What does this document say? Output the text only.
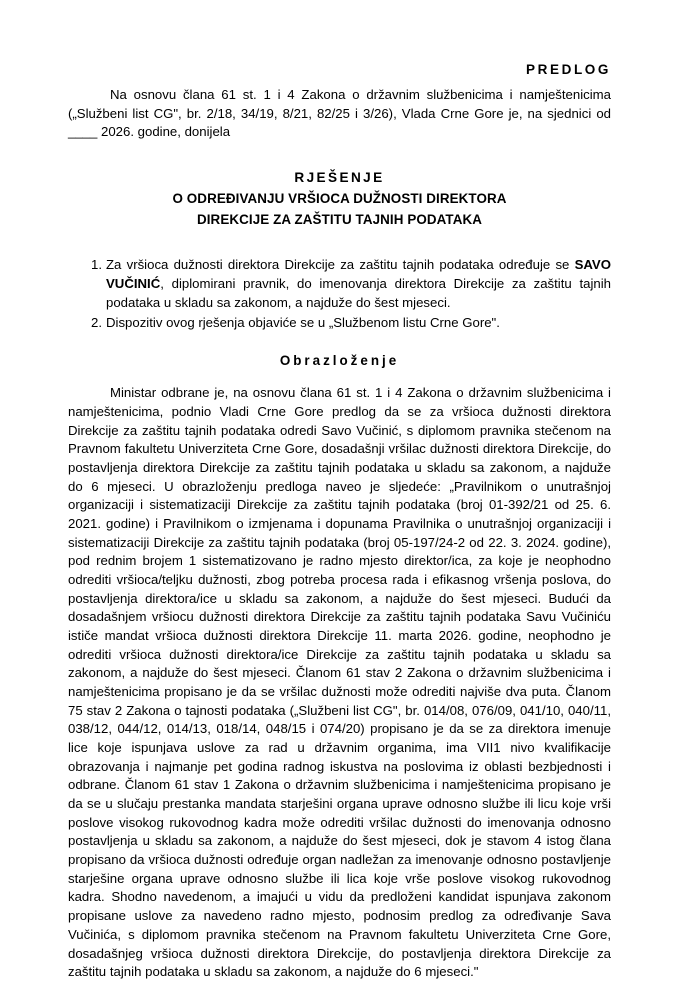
PREDLOG

Na osnovu člana 61 st. 1 i 4 Zakona o državnim službenicima i namještenicima („Službeni list CG", br. 2/18, 34/19, 8/21, 82/25 i 3/26), Vlada Crne Gore je, na sjednici od ____ 2026. godine, donijela

RJEŠENJE
O ODREĐIVANJU VRŠIOCA DUŽNOSTI DIREKTORA
DIREKCIJE ZA ZAŠTITU TAJNIH PODATAKA
1. Za vršioca dužnosti direktora Direkcije za zaštitu tajnih podataka određuje se SAVO VUČINIĆ, diplomirani pravnik, do imenovanja direktora Direkcije za zaštitu tajnih podataka u skladu sa zakonom, a najduže do šest mjeseci.
2. Dispozitiv ovog rješenja objaviće se u „Službenom listu Crne Gore".

Obrazloženje

Ministar odbrane je, na osnovu člana 61 st. 1 i 4 Zakona o državnim službenicima i namještenicima, podnio Vladi Crne Gore predlog da se za vršioca dužnosti direktora Direkcije za zaštitu tajnih podataka odredi Savo Vučinić, s diplomom pravnika stečenom na Pravnom fakultetu Univerziteta Crne Gore, dosadašnji vršilac dužnosti direktora Direkcije, do postavljenja direktora Direkcije za zaštitu tajnih podataka u skladu sa zakonom, a najduže do 6 mjeseci. U obrazloženju predloga naveo je sljedeće: „Pravilnikom o unutrašnjoj organizaciji i sistematizaciji Direkcije za zaštitu tajnih podataka (broj 01-392/21 od 25. 6. 2021. godine) i Pravilnikom o izmjenama i dopunama Pravilnika o unutrašnjoj organizaciji i sistematizaciji Direkcije za zaštitu tajnih podataka (broj 05-197/24-2 od 22. 3. 2024. godine), pod rednim brojem 1 sistematizovano je radno mjesto direktor/ica, za koje je neophodno odrediti vršioca/teljku dužnosti, zbog potreba procesa rada i efikasnog vršenja poslova, do postavljenja direktora/ice u skladu sa zakonom, a najduže do šest mjeseci. Budući da dosadašnjem vršiocu dužnosti direktora Direkcije za zaštitu tajnih podataka Savu Vučiniću ističe mandat vršioca dužnosti direktora Direkcije 11. marta 2026. godine, neophodno je odrediti vršioca dužnosti direktora/ice Direkcije za zaštitu tajnih podataka u skladu sa zakonom, a najduže do šest mjeseci. Članom 61 stav 2 Zakona o državnim službenicima i namještenicima propisano je da se vršilac dužnosti može odrediti najviše dva puta. Članom 75 stav 2 Zakona o tajnosti podataka („Službeni list CG", br. 014/08, 076/09, 041/10, 040/11, 038/12, 044/12, 014/13, 018/14, 048/15 i 074/20) propisano je da se za direktora imenuje lice koje ispunjava uslove za rad u državnim organima, ima VII1 nivo kvalifikacije obrazovanja i najmanje pet godina radnog iskustva na poslovima iz oblasti bezbjednosti i odbrane. Članom 61 stav 1 Zakona o državnim službenicima i namještenicima propisano je da se u slučaju prestanka mandata starješini organa uprave odnosno službe ili licu koje vrši poslove visokog rukovodnog kadra može odrediti vršilac dužnosti do imenovanja odnosno postavljenja u skladu sa zakonom, a najduže do šest mjeseci, dok je stavom 4 istog člana propisano da vršioca dužnosti određuje organ nadležan za imenovanje odnosno postavljenje starješine organa uprave odnosno službe ili lica koje vrše poslove visokog rukovodnog kadra. Shodno navedenom, a imajući u vidu da predloženi kandidat ispunjava zakonom propisane uslove za navedeno radno mjesto, podnosim predlog za određivanje Sava Vučinića, s diplomom pravnika stečenom na Pravnom fakultetu Univerziteta Crne Gore, dosadašnjeg vršioca dužnosti direktora Direkcije, do postavljenja direktora Direkcije za zaštitu tajnih podataka u skladu sa zakonom, a najduže do 6 mjeseci."
